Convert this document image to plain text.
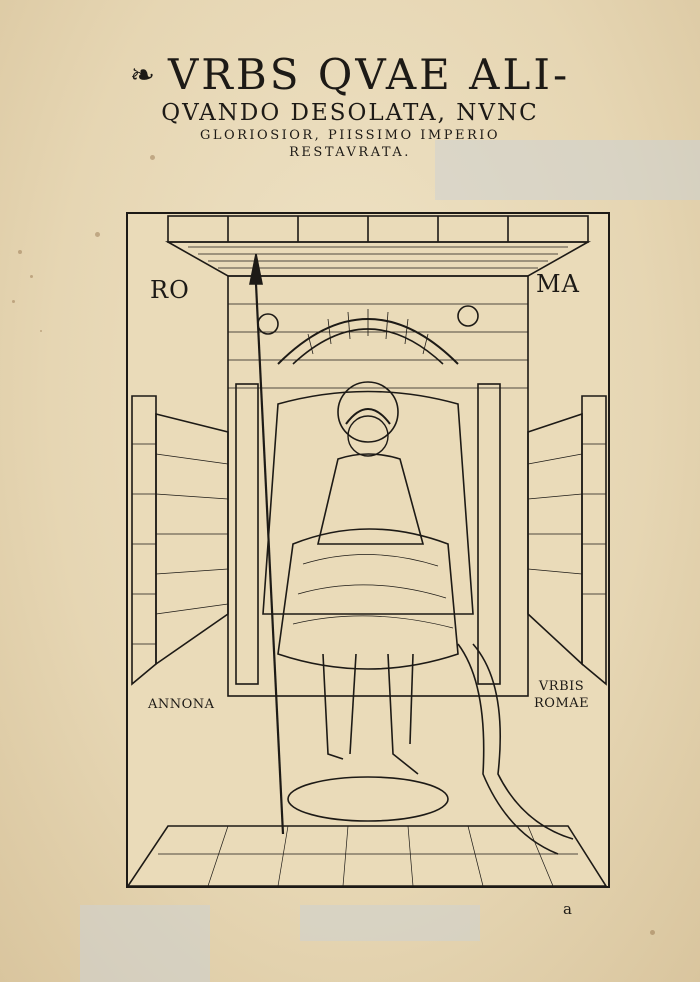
❧ VRBS QVAE ALI-
QVANDO DESOLATA, NVNC
GLORIOSIOR, PIISSIMO IMPERIO
RESTAVRATA.
RO	MA
ANNONA
VRBIS
ROMAE
a
